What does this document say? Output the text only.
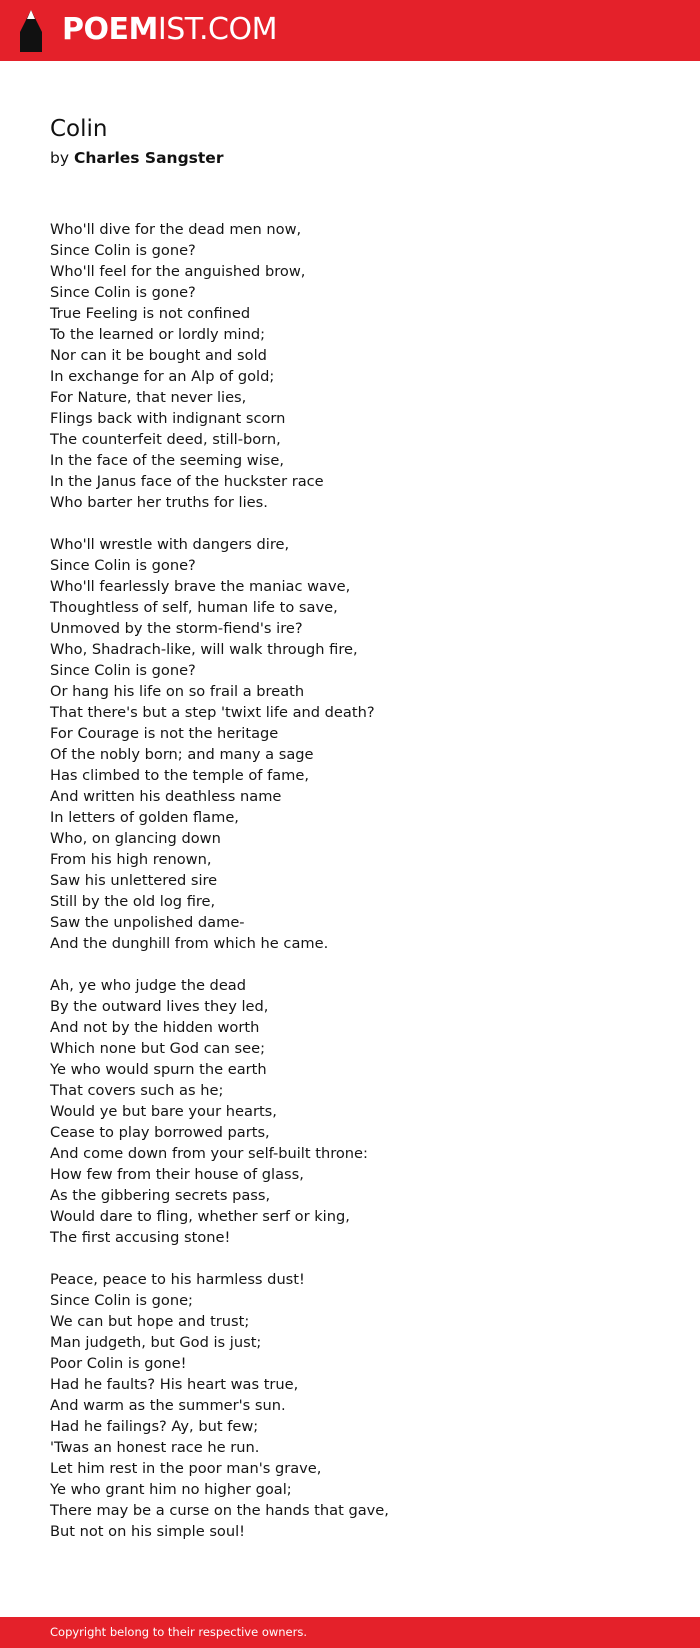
POEMIST.COM
Colin
by Charles Sangster
Who'll dive for the dead men now,
Since Colin is gone?
Who'll feel for the anguished brow,
Since Colin is gone?
True Feeling is not confined
To the learned or lordly mind;
Nor can it be bought and sold
In exchange for an Alp of gold;
For Nature, that never lies,
Flings back with indignant scorn
The counterfeit deed, still-born,
In the face of the seeming wise,
In the Janus face of the huckster race
Who barter her truths for lies.
Who'll wrestle with dangers dire,
Since Colin is gone?
Who'll fearlessly brave the maniac wave,
Thoughtless of self, human life to save,
Unmoved by the storm-fiend's ire?
Who, Shadrach-like, will walk through fire,
Since Colin is gone?
Or hang his life on so frail a breath
That there's but a step 'twixt life and death?
For Courage is not the heritage
Of the nobly born; and many a sage
Has climbed to the temple of fame,
And written his deathless name
In letters of golden flame,
Who, on glancing down
From his high renown,
Saw his unlettered sire
Still by the old log fire,
Saw the unpolished dame-
And the dunghill from which he came.
Ah, ye who judge the dead
By the outward lives they led,
And not by the hidden worth
Which none but God can see;
Ye who would spurn the earth
That covers such as he;
Would ye but bare your hearts,
Cease to play borrowed parts,
And come down from your self-built throne:
How few from their house of glass,
As the gibbering secrets pass,
Would dare to fling, whether serf or king,
The first accusing stone!
Peace, peace to his harmless dust!
Since Colin is gone;
We can but hope and trust;
Man judgeth, but God is just;
Poor Colin is gone!
Had he faults? His heart was true,
And warm as the summer's sun.
Had he failings? Ay, but few;
'Twas an honest race he run.
Let him rest in the poor man's grave,
Ye who grant him no higher goal;
There may be a curse on the hands that gave,
But not on his simple soul!
Copyright belong to their respective owners.
